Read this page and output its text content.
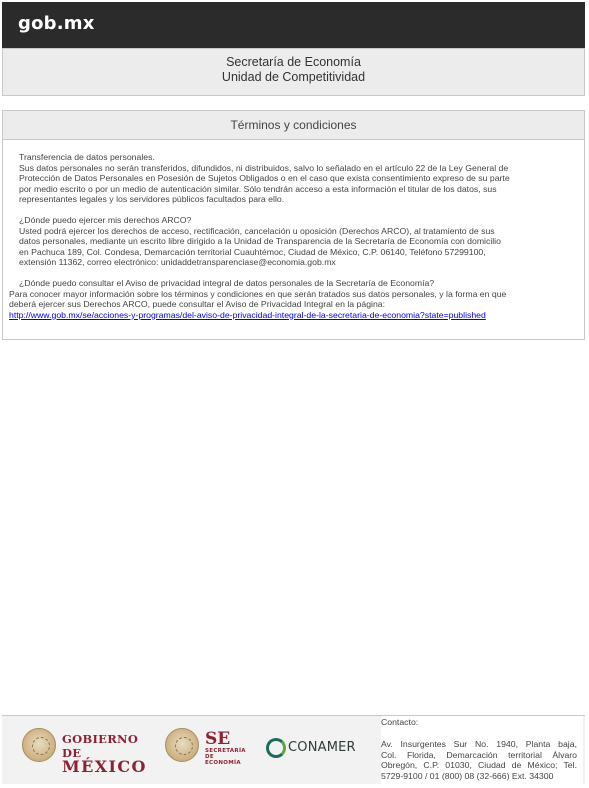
gob.mx
Secretaría de Economía
Unidad de Competitividad
Términos y condiciones
Transferencia de datos personales.
Sus datos personales no serán transferidos, difundidos, ni distribuidos, salvo lo señalado en el artículo 22 de la Ley General de
Protección de Datos Personales en Posesión de Sujetos Obligados o en el caso que exista consentimiento expreso de su parte
por medio escrito o por un medio de autenticación similar. Sólo tendrán acceso a esta información el titular de los datos, sus
representantes legales y los servidores públicos facultados para ello.
¿Dónde puedo ejercer mis derechos ARCO?
Usted podrá ejercer los derechos de acceso, rectificación, cancelación u oposición (Derechos ARCO), al tratamiento de sus
datos personales, mediante un escrito libre dirigido a la Unidad de Transparencia de la Secretaría de Economía con domicilio
en Pachuca 189, Col. Condesa, Demarcación territorial Cuauhtémoc, Ciudad de México, C.P. 06140, Teléfono 57299100,
extensión 11362, correo electrónico: unidaddetransparenciase@economia.gob.mx
¿Dónde puedo consultar el Aviso de privacidad integral de datos personales de la Secretaría de Economía?
Para conocer mayor información sobre los términos y condiciones en que serán tratados sus datos personales, y la forma en que
deberá ejercer sus Derechos ARCO, puede consultar el Aviso de Privacidad Integral en la página:
http://www.gob.mx/se/acciones-y-programas/del-aviso-de-privacidad-integral-de-la-secretaria-de-economia?state=published
GOBIERNO DE
MÉXICO
SE
SECRETARÍA
DE ECONOMÍA
CONAMER
Contacto:
Av. Insurgentes Sur No. 1940, Planta baja,
Col. Florida, Demarcación territorial Álvaro
Obregón, C.P. 01030, Ciudad de México; Tel.
5729-9100 / 01 (800) 08 (32-666) Ext. 34300
